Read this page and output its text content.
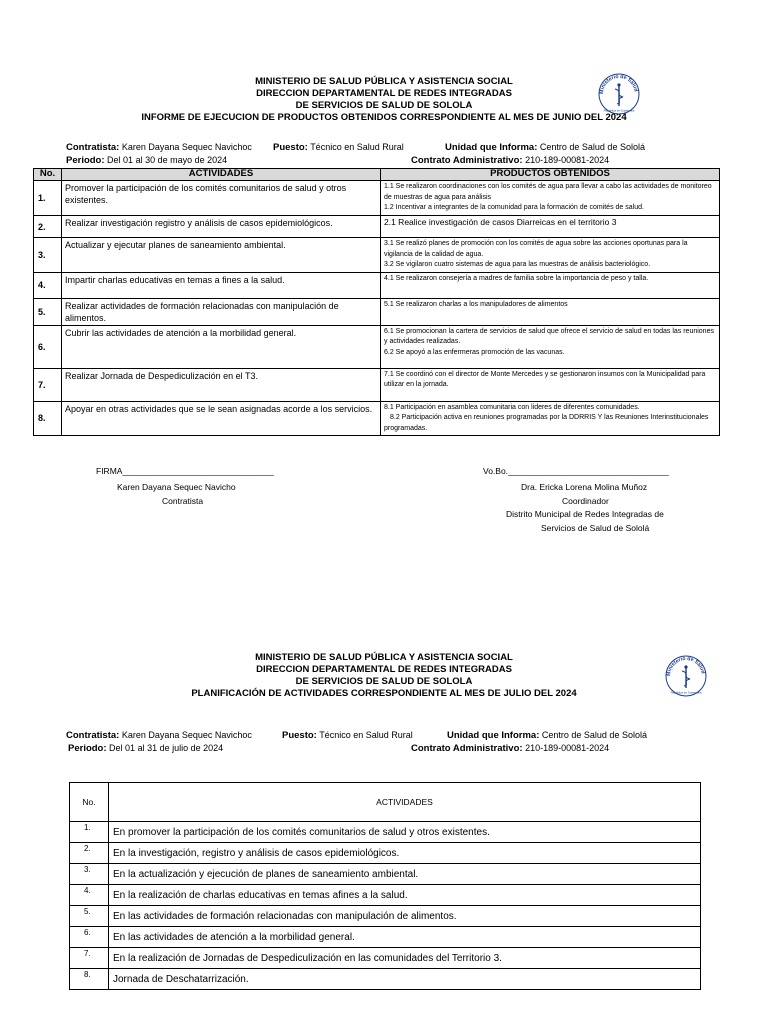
MINISTERIO DE SALUD PÚBLICA Y ASISTENCIA SOCIAL
DIRECCION DEPARTAMENTAL DE REDES INTEGRADAS
DE SERVICIOS DE SALUD DE SOLOLA
INFORME DE EJECUCION DE PRODUCTOS OBTENIDOS CORRESPONDIENTE AL MES DE JUNIO DEL 2024
Ministerio de Salud
República de Guatemala
Contratista: Karen Dayana Sequec Navichoc Puesto: Técnico en Salud Rural	Unidad que Informa: Centro de Salud de Sololá
Periodo: Del 01 al 30 de mayo de 2024	Contrato Administrativo: 210-189-00081-2024
No.	ACTIVIDADES	PRODUCTOS OBTENIDOS
1.	Promover la participación de los comités comunitarios de salud y otros existentes.	1.1 Se realizaron coordinaciones con los comités de agua para llevar a cabo las actividades de monitoreo de muestras de agua para análisis
1.2 Incentivar a integrantes de la comunidad para la formación de comités de salud.

2.	Realizar investigación registro y análisis de casos epidemiológicos.	2.1 Realice investigación de casos Diarreicas en el territorio 3

3.	Actualizar y ejecutar planes de saneamiento ambiental.	3.1 Se realizó planes de promoción con los comités de agua sobre las acciones oportunas para la vigilancia de la calidad de agua.
3.2 Se vigilaron cuatro sistemas de agua para las muestras de análisis bacteriológico.

4.	Impartir charlas educativas en temas a fines a la salud.	4.1 Se realizaron consejería a madres de familia sobre la importancia de peso y talla.

5.	Realizar actividades de formación relacionadas con manipulación de alimentos.	5.1 Se realizaron charlas a los manipuladores de alimentos

6.	Cubrir las actividades de atención a la morbilidad general.	6.1 Se promocionan la cartera de servicios de salud que ofrece el servicio de salud en todas las reuniones y actividades realizadas.
6.2 Se apoyó a las enfermeras promoción de las vacunas.

7.	Realizar Jornada de Despediculización en el T3.	7.1 Se coordinó con el director de Monte Mercedes y se gestionaron insumos con la Municipalidad para utilizar en la jornada.

8.	Apoyar en otras actividades que se le sean asignadas acorde a los servicios.	8.1 Participación en asamblea comunitaria con lideres de diferentes comunidades.
8.2 Participación activa en reuniones programadas por la DDRRIS Y las Reuniones Interinstitucionales programadas.
FIRMA________________________________
Karen Dayana Sequec Navicho
Contratista
Vo.Bo.__________________________________
Dra. Ericka Lorena Molina Muñoz
Coordinador
Distrito Municipal de Redes Integradas de
Servicios de Salud de Sololá
MINISTERIO DE SALUD PÚBLICA Y ASISTENCIA SOCIAL
DIRECCION DEPARTAMENTAL DE REDES INTEGRADAS
DE SERVICIOS DE SALUD DE SOLOLA
PLANIFICACIÓN DE ACTIVIDADES CORRESPONDIENTE AL MES DE JULIO DEL 2024
Ministerio de Salud
República de Guatemala
Contratista: Karen Dayana Sequec Navichoc	Puesto: Técnico en Salud Rural	Unidad que Informa: Centro de Salud de Sololá
Periodo: Del 01 al 31 de julio de 2024	Contrato Administrativo: 210-189-00081-2024
No.	ACTIVIDADES
1.	En promover la participación de los comités comunitarios de salud y otros existentes.
2.	En la investigación, registro y análisis de casos epidemiológicos.
3.	En la actualización y ejecución de planes de saneamiento ambiental.
4.	En la realización de charlas educativas en temas afines a la salud.
5.	En las actividades de formación relacionadas con manipulación de alimentos.
6.	En las actividades de atención a la morbilidad general.
7.	En la realización de Jornadas de Despediculización en las comunidades del Territorio 3.
8.	Jornada de Deschatarrización.
